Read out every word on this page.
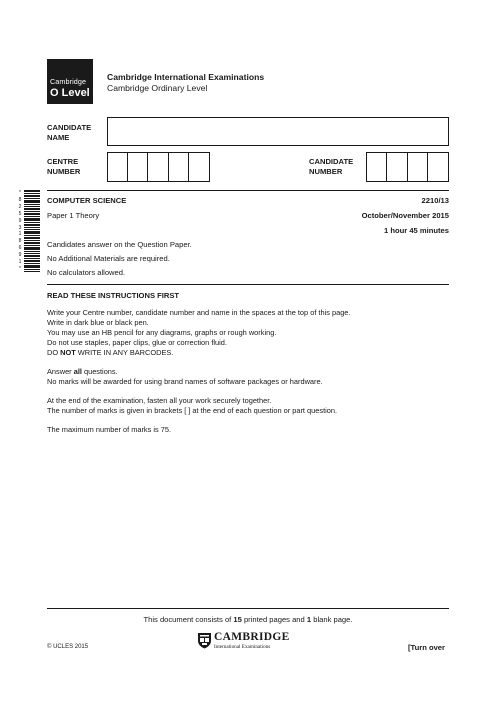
Cambridge
O Level
Cambridge International Examinations
Cambridge Ordinary Level
CANDIDATE
NAME
CENTRE
NUMBER
CANDIDATE
NUMBER
*
8
2
5
9
3
1
8
6
9
1
*
COMPUTER SCIENCE	2210/13
Paper 1 Theory	October/November 2015
1 hour 45 minutes
Candidates answer on the Question Paper.
No Additional Materials are required.
No calculators allowed.
READ THESE INSTRUCTIONS FIRST
Write your Centre number, candidate number and name in the spaces at the top of this page.
Write in dark blue or black pen.
You may use an HB pencil for any diagrams, graphs or rough working.
Do not use staples, paper clips, glue or correction fluid.
DO NOT WRITE IN ANY BARCODES.
Answer all questions.
No marks will be awarded for using brand names of software packages or hardware.
At the end of the examination, fasten all your work securely together.
The number of marks is given in brackets [ ] at the end of each question or part question.
The maximum number of marks is 75.
This document consists of 15 printed pages and 1 blank page.
© UCLES 2015
CAMBRIDGE
International Examinations	[Turn over
